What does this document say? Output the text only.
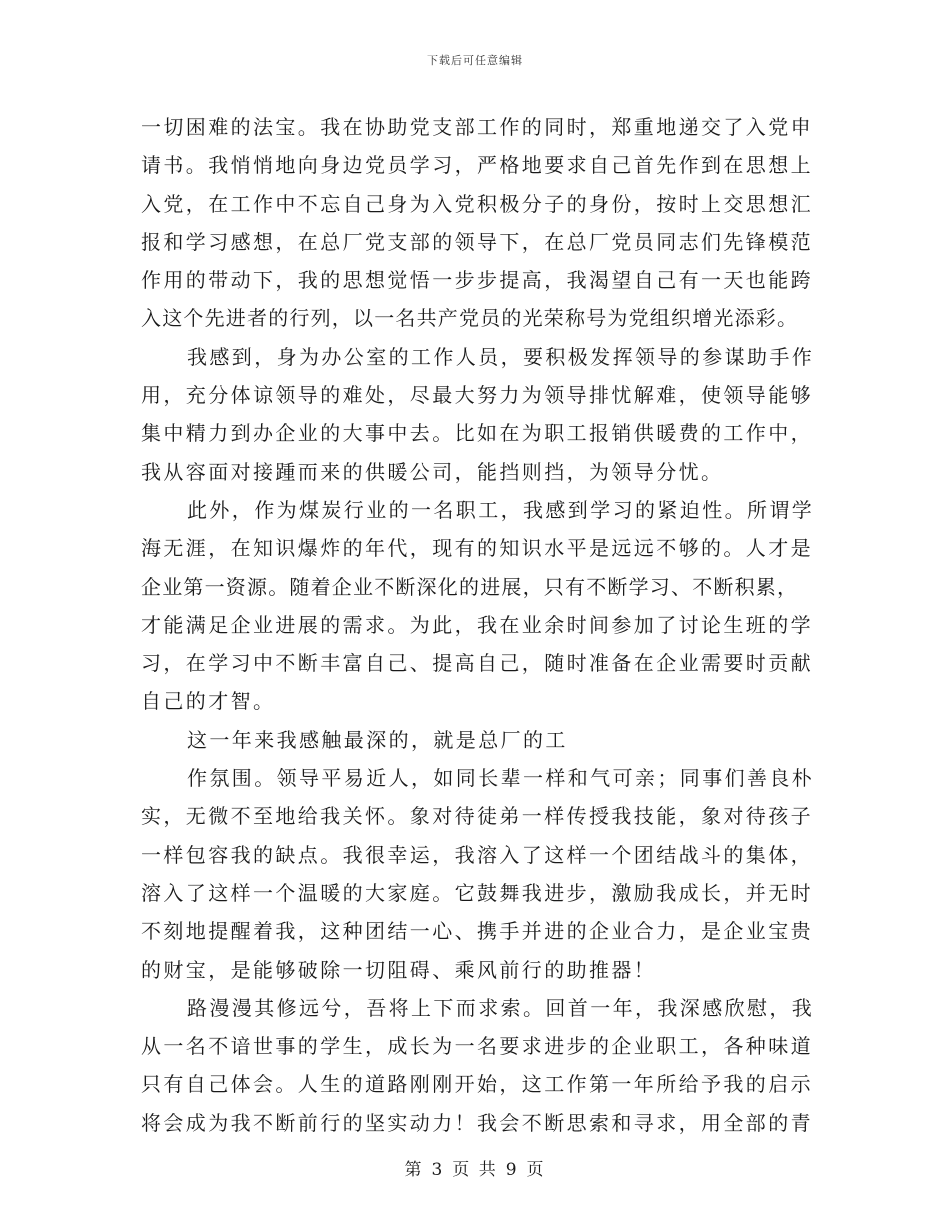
下载后可任意编辑
一切困难的法宝。我在协助党支部工作的同时，郑重地递交了入党申
请书。我悄悄地向身边党员学习，严格地要求自己首先作到在思想上
入党，在工作中不忘自己身为入党积极分子的身份，按时上交思想汇
报和学习感想，在总厂党支部的领导下，在总厂党员同志们先锋模范
作用的带动下，我的思想觉悟一步步提高，我渴望自己有一天也能跨
入这个先进者的行列，以一名共产党员的光荣称号为党组织增光添彩。
我感到，身为办公室的工作人员，要积极发挥领导的参谋助手作
用，充分体谅领导的难处，尽最大努力为领导排忧解难，使领导能够
集中精力到办企业的大事中去。比如在为职工报销供暖费的工作中，
我从容面对接踵而来的供暖公司，能挡则挡，为领导分忧。
此外，作为煤炭行业的一名职工，我感到学习的紧迫性。所谓学
海无涯，在知识爆炸的年代，现有的知识水平是远远不够的。人才是
企业第一资源。随着企业不断深化的进展，只有不断学习、不断积累，
才能满足企业进展的需求。为此，我在业余时间参加了讨论生班的学
习，在学习中不断丰富自己、提高自己，随时准备在企业需要时贡献
自己的才智。
这一年来我感触最深的，就是总厂的工
作氛围。领导平易近人，如同长辈一样和气可亲；同事们善良朴
实，无微不至地给我关怀。象对待徒弟一样传授我技能，象对待孩子
一样包容我的缺点。我很幸运，我溶入了这样一个团结战斗的集体，
溶入了这样一个温暖的大家庭。它鼓舞我进步，激励我成长，并无时
不刻地提醒着我，这种团结一心、携手并进的企业合力，是企业宝贵
的财宝，是能够破除一切阻碍、乘风前行的助推器！
路漫漫其修远兮，吾将上下而求索。回首一年，我深感欣慰，我
从一名不谙世事的学生，成长为一名要求进步的企业职工，各种味道
只有自己体会。人生的道路刚刚开始，这工作第一年所给予我的启示
将会成为我不断前行的坚实动力！我会不断思索和寻求，用全部的青
第 3 页 共 9 页
